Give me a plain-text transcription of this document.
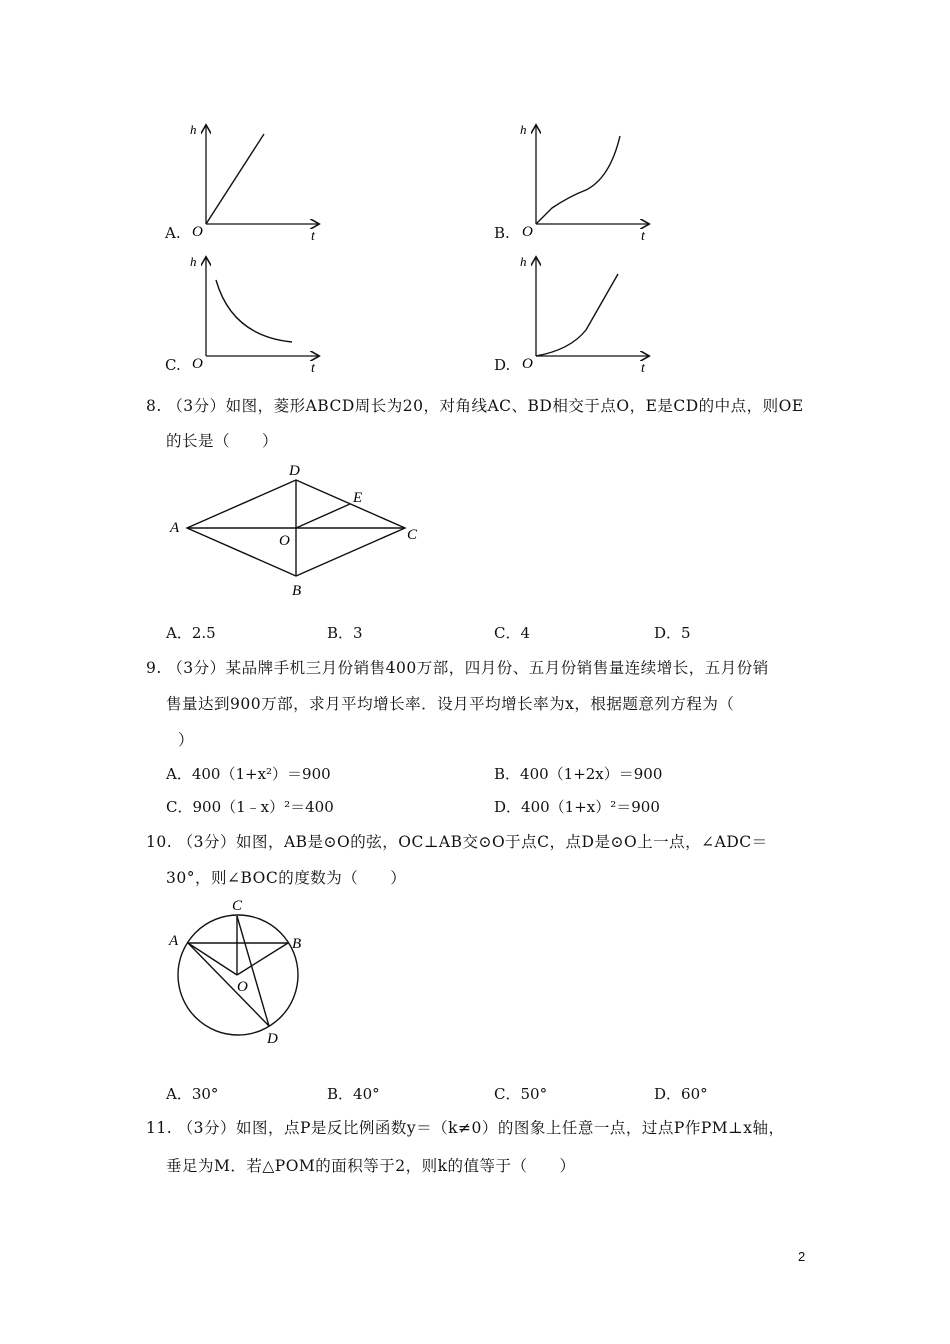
A.
h
t
O	B.
h
t
O
C.
h
t
O	D.
h
t
O
8. （3分）如图，菱形ABCD周长为20，对角线AC、BD相交于点O，E是CD的中点，则OE
的长是（　　）
D
E
A	C
O
B
A．2.5	B．3	C．4	D．5
9. （3分）某品牌手机三月份销售400万部，四月份、五月份销售量连续增长，五月份销
售量达到900万部，求月平均增长率．设月平均增长率为x，根据题意列方程为（
）
A．400（1+x²）＝900	B．400（1+2x）＝900
C．900（1﹣x）²＝400	D．400（1+x）²＝900
10. （3分）如图，AB是⊙O的弦，OC⊥AB交⊙O于点C，点D是⊙O上一点，∠ADC＝
30°，则∠BOC的度数为（　　）
C
A	B
O
D
A．30°	B．40°	C．50°	D．60°
11. （3分）如图，点P是反比例函数y＝（k≠0）的图象上任意一点，过点P作PM⊥x轴，
垂足为M．若△POM的面积等于2，则k的值等于（　　）
2
